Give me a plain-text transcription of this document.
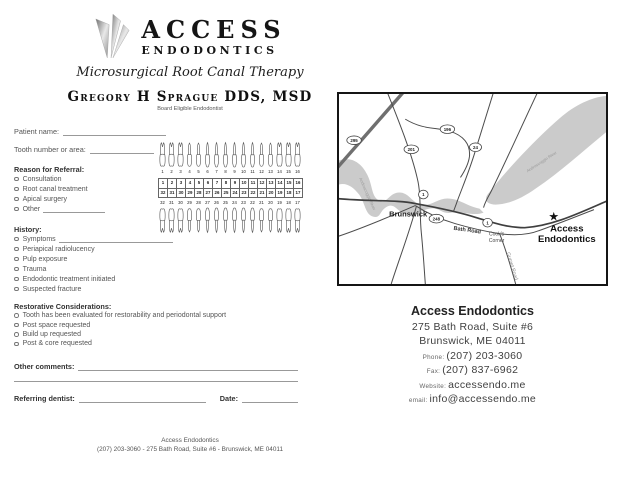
ACCESS
ENDODONTICS
Microsurgical Root Canal Therapy
Gregory H Sprague DDS, MSD
Board Eligible Endodontist
Patient name:
Tooth number or area:
Reason for Referral:
Consultation
Root canal treatment
Apical surgery
Other
1	2	3	4	5	6	7	8	9	10	11	12	13	14	15	16
1	2	3	4	5	6	7	8	9	10	11	12	13	14	15	16
32	31	30	29	28	27	26	25	24	23	22	21	20	19	18	17
32	31	30	29	28	27	26	25	24	23	22	21	20	19	18	17
History:
Symptoms
Periapical radiolucency
Pulp exposure
Trauma
Endodontic treatment initiated
Suspected fracture
Restorative Considerations:
Tooth has been evaluated for restorability and periodontal support
Post space requested
Build up requested
Post & core requested
Other comments:
Referring dentist:	Date:
Androscoggin River
Androscoggin River
295
201
196
24
1
248
1
Brunswick
Bath Road Cook's
Corner
Gurnet Road
★
Access
Endodontics
Access Endodontics
275 Bath Road, Suite #6
Brunswick, ME 04011
Phone: (207) 203-3060
Fax: (207) 837-6962
Website: accessendo.me
email: info@accessendo.me
Access Endodontics
(207) 203-3060 - 275 Bath Road, Suite #6 - Brunswick, ME 04011
